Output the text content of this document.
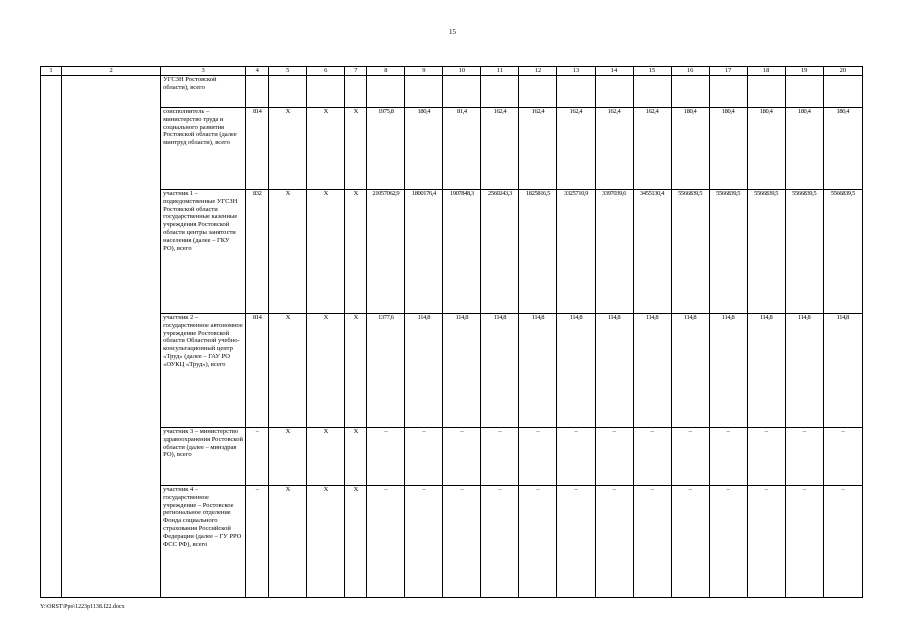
15
1	2	3	4	5	6	7	8	9	10	11	12	13	14	15	16	17	18	19	20
		УГСЗН Ростовской области), всего																	
		соисполнитель – министерство труда и социального развития Ростовской области (далее минтруд области), всего	814	X	X	X	1975,8	180,4	81,4	162,4	162,4	162,4	162,4	162,4	180,4	180,4	180,4	180,4	180,4
		участник 1 – подведомственные УГСЗН Ростовской области государственные казенные учреждения Ростовской области центры занятости населения (далее – ГКУ РО), всего	832	X	X	X	21057062,9	1800176,4	1907848,3	2560243,3	1825816,5	3325710,9	3397039,6	3455130,4	5566839,5	5566839,5	5566839,5	5566839,5	5566839,5
		участник 2 – государственное автономное учреждение Ростовской области Областной учебно-консультационный центр «Труд» (далее – ГАУ РО «ОУКЦ «Труд»), всего	814	X	X	X	1377,6	114,8	114,8	114,8	114,8	114,8	114,8	114,8	114,8	114,8	114,8	114,8	114,8
		участник 3 – министерство здравоохранения Ростовской области (далее – минздрав РО), всего	–	X	X	X	–	–	–	–	–	–	–	–	–	–	–	–	–
		участник 4 – государственное учреждение – Ростовское региональное отделение Фонда социального страхования Российской Федерации (далее – ГУ РРО ФСС РФ), всего	–	X	X	X	–	–	–	–	–	–	–	–	–	–	–	–	–
Y:\ORST\Ppo\1223p1138.f22.docx
